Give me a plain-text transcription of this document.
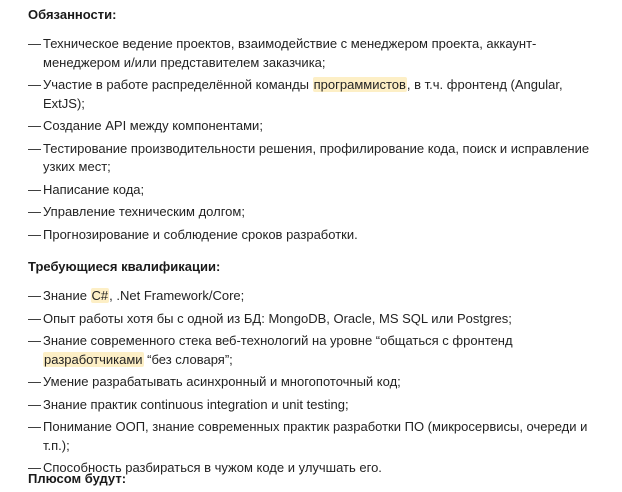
Обязанности:
— Техническое ведение проектов, взаимодействие с менеджером проекта, аккаунт-менеджером и/или представителем заказчика;
— Участие в работе распределённой команды программистов, в т.ч. фронтенд (Angular, ExtJS);
— Создание API между компонентами;
— Тестирование производительности решения, профилирование кода, поиск и исправление узких мест;
— Написание кода;
— Управление техническим долгом;
— Прогнозирование и соблюдение сроков разработки.
Требующиеся квалификации:
— Знание C#, .Net Framework/Core;
— Опыт работы хотя бы с одной из БД: MongoDB, Oracle, MS SQL или Postgres;
— Знание современного стека веб-технологий на уровне “общаться с фронтенд разработчиками “без словаря”;
— Умение разрабатывать асинхронный и многопоточный код;
— Знание практик continuous integration и unit testing;
— Понимание ООП, знание современных практик разработки ПО (микросервисы, очереди и т.п.);
— Способность разбираться в чужом коде и улучшать его.
Плюсом будут:
